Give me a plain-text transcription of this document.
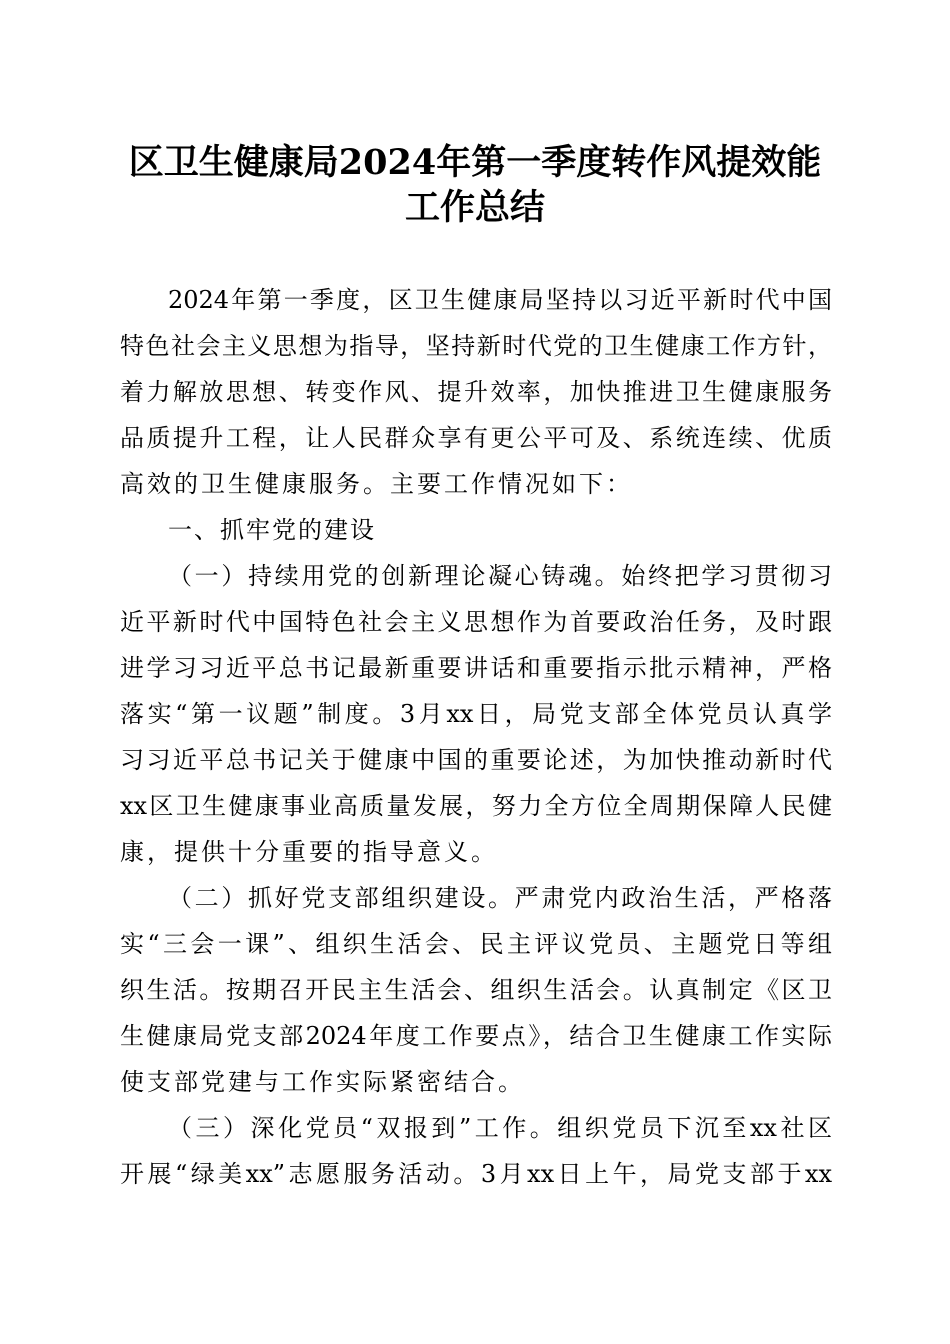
区卫生健康局2024年第一季度转作风提效能
工作总结
2024年第一季度，区卫生健康局坚持以习近平新时代中国
特色社会主义思想为指导，坚持新时代党的卫生健康工作方针，
着力解放思想、转变作风、提升效率，加快推进卫生健康服务
品质提升工程，让人民群众享有更公平可及、系统连续、优质
高效的卫生健康服务。主要工作情况如下：
一、抓牢党的建设
（一）持续用党的创新理论凝心铸魂。始终把学习贯彻习
近平新时代中国特色社会主义思想作为首要政治任务，及时跟
进学习习近平总书记最新重要讲话和重要指示批示精神，严格
落实“第一议题”制度。3月xx日，局党支部全体党员认真学
习习近平总书记关于健康中国的重要论述，为加快推动新时代
xx区卫生健康事业高质量发展，努力全方位全周期保障人民健
康，提供十分重要的指导意义。
（二）抓好党支部组织建设。严肃党内政治生活，严格落
实“三会一课”、组织生活会、民主评议党员、主题党日等组
织生活。按期召开民主生活会、组织生活会。认真制定《区卫
生健康局党支部2024年度工作要点》，结合卫生健康工作实际
使支部党建与工作实际紧密结合。
（三）深化党员“双报到”工作。组织党员下沉至xx社区
开展“绿美xx”志愿服务活动。3月xx日上午，局党支部于xx
